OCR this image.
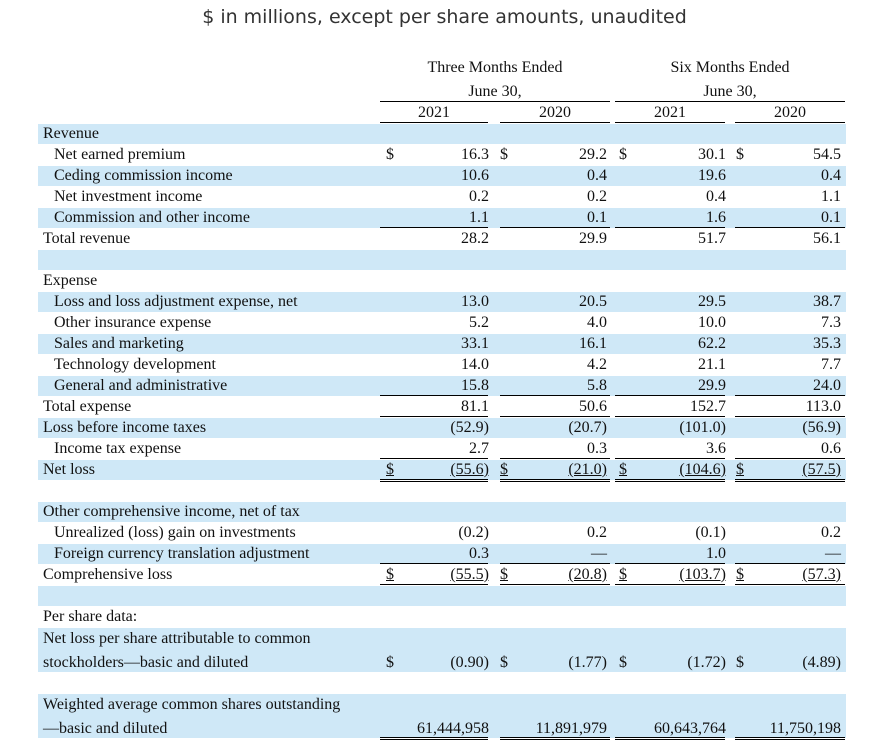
$ in millions, except per share amounts, unaudited
Three Months Ended
June 30,
Six Months Ended
June 30,
2021	2020	2021	2020
Revenue
Net earned premium	$	16.3 $	29.2 $	30.1 $	54.5
Ceding commission income	10.6	0.4	19.6	0.4
Net investment income	0.2	0.2	0.4	1.1
Commission and other income	1.1	0.1	1.6	0.1
Total revenue	28.2	29.9	51.7	56.1
Expense
Loss and loss adjustment expense, net	13.0	20.5	29.5	38.7
Other insurance expense	5.2	4.0	10.0	7.3
Sales and marketing	33.1	16.1	62.2	35.3
Technology development	14.0	4.2	21.1	7.7
General and administrative	15.8	5.8	29.9	24.0
Total expense	81.1	50.6	152.7	113.0
Loss before income taxes	(52.9)	(20.7)	(101.0)	(56.9)
Income tax expense	2.7	0.3	3.6	0.6
Net loss	$	(55.6) $	(21.0) $	(104.6) $	(57.5)
Other comprehensive income, net of tax
Unrealized (loss) gain on investments	(0.2)	0.2	(0.1)	0.2
Foreign currency translation adjustment	0.3	—	1.0	—
Comprehensive loss	$	(55.5) $	(20.8) $	(103.7) $	(57.3)
Per share data:
Net loss per share attributable to common
stockholders—basic and diluted	$	(0.90) $	(1.77) $	(1.72) $	(4.89)
Weighted average common shares outstanding
—basic and diluted	61,444,958	11,891,979	60,643,764	11,750,198
